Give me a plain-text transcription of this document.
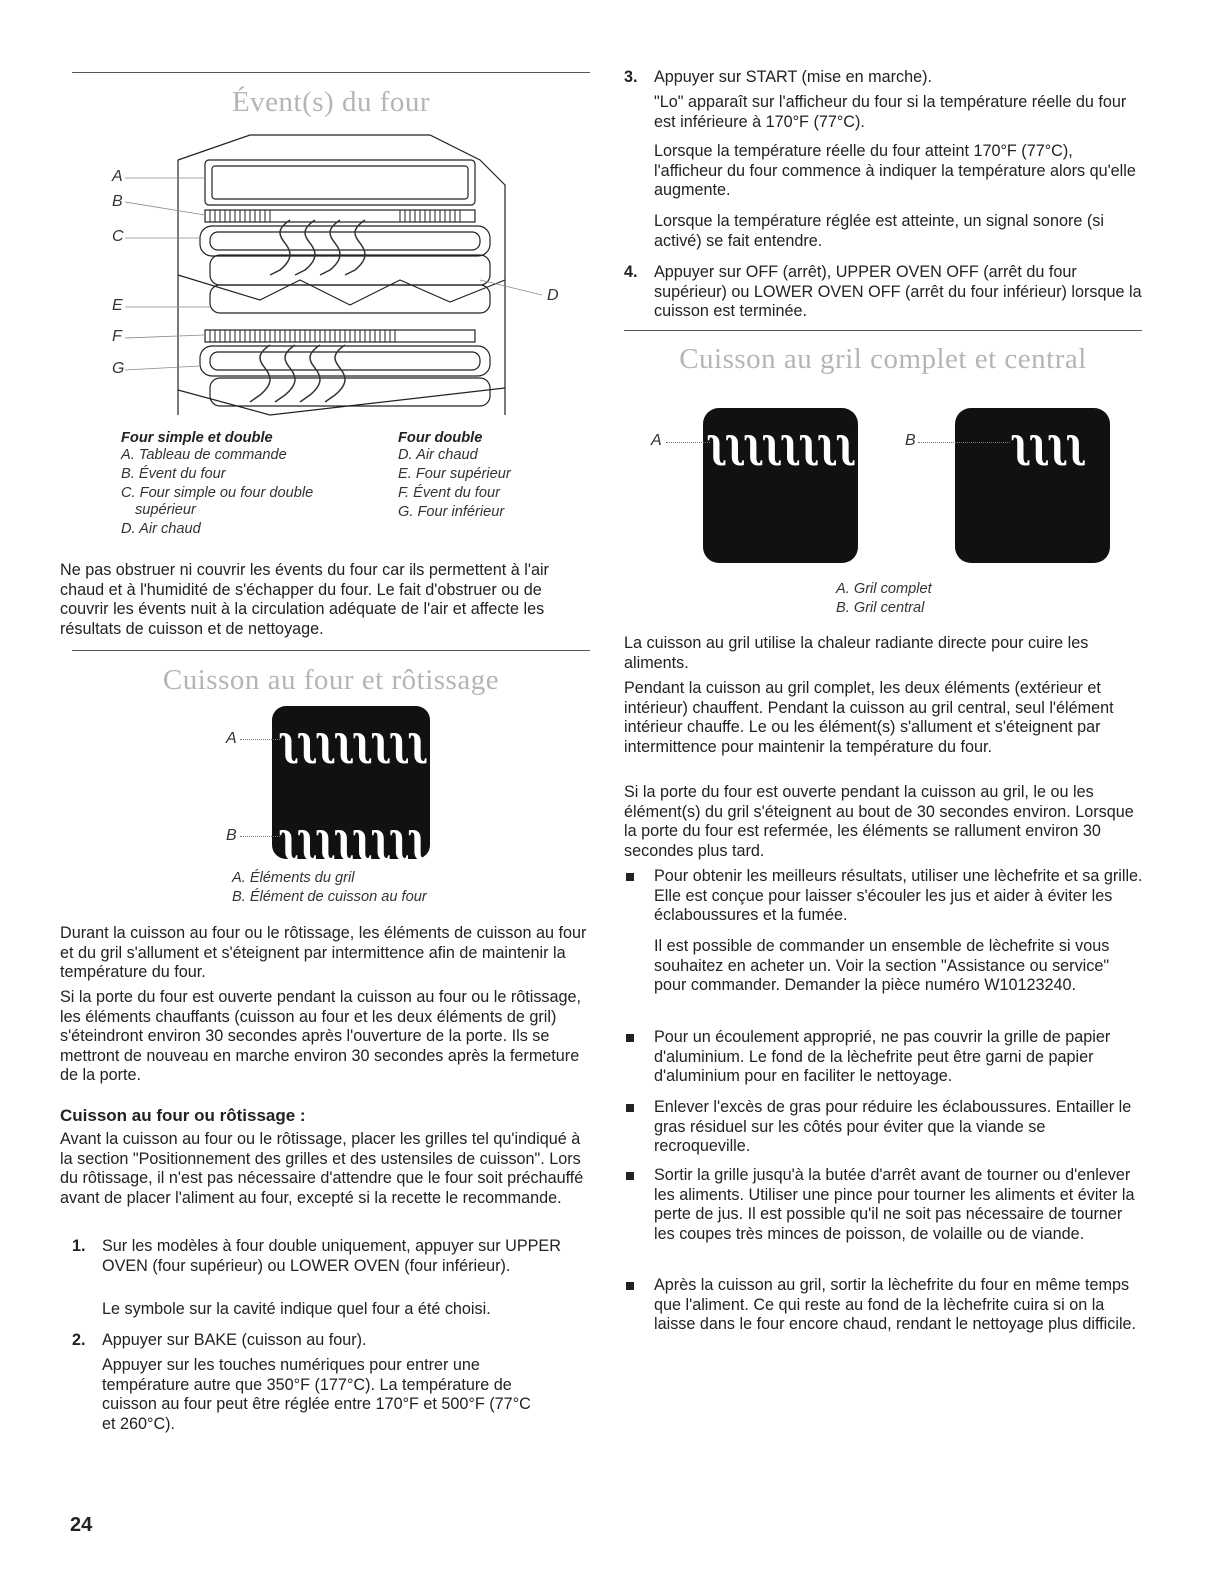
Évent(s) du four
A
B
C
E
F
G
D
Four simple et double
A. Tableau de commande
B. Évent du four
C. Four simple ou four double
supérieur
D. Air chaud
Four double
D. Air chaud
E. Four supérieur
F. Évent du four
G. Four inférieur

Ne pas obstruer ni couvrir les évents du four car ils permettent à l'air chaud et à l'humidité de s'échapper du four. Le fait d'obstruer ou de couvrir les évents nuit à la circulation adéquate de l'air et affecte les résultats de cuisson et de nettoyage.

Cuisson au four et rôtissage
ʅʅʅʅʅʅʅʅ
ʅʅʅʅʅʅʅʅ
A
B
A. Éléments du gril
B. Élément de cuisson au four

Durant la cuisson au four ou le rôtissage, les éléments de cuisson au four et du gril s'allument et s'éteignent par intermittence afin de maintenir la température du four.

Si la porte du four est ouverte pendant la cuisson au four ou le rôtissage, les éléments chauffants (cuisson au four et les deux éléments de gril) s'éteindront environ 30 secondes après l'ouverture de la porte. Ils se mettront de nouveau en marche environ 30 secondes après la fermeture de la porte.

Cuisson au four ou rôtissage :

Avant la cuisson au four ou le rôtissage, placer les grilles tel qu'indiqué à la section "Positionnement des grilles et des ustensiles de cuisson". Lors du rôtissage, il n'est pas nécessaire d'attendre que le four soit préchauffé avant de placer l'aliment au four, excepté si la recette le recommande.

1. Sur les modèles à four double uniquement, appuyer sur UPPER OVEN (four supérieur) ou LOWER OVEN (four inférieur).

Le symbole sur la cavité indique quel four a été choisi.

2. Appuyer sur BAKE (cuisson au four).

Appuyer sur les touches numériques pour entrer une température autre que 350°F (177°C). La température de cuisson au four peut être réglée entre 170°F et 500°F (77°C et 260°C).

24
3. Appuyer sur START (mise en marche).

"Lo" apparaît sur l'afficheur du four si la température réelle du four est inférieure à 170°F (77°C).

Lorsque la température réelle du four atteint 170°F (77°C), l'afficheur du four commence à indiquer la température alors qu'elle augmente.

Lorsque la température réglée est atteinte, un signal sonore (si activé) se fait entendre.

4. Appuyer sur OFF (arrêt), UPPER OVEN OFF (arrêt du four supérieur) ou LOWER OVEN OFF (arrêt du four inférieur) lorsque la cuisson est terminée.

Cuisson au gril complet et central
ʅʅʅʅʅʅʅʅ
A	ʅʅʅʅ
B
A. Gril complet
B. Gril central

La cuisson au gril utilise la chaleur radiante directe pour cuire les aliments.

Pendant la cuisson au gril complet, les deux éléments (extérieur et intérieur) chauffent. Pendant la cuisson au gril central, seul l'élément intérieur chauffe. Le ou les élément(s) s'allument et s'éteignent par intermittence pour maintenir la température du four.

Si la porte du four est ouverte pendant la cuisson au gril, le ou les élément(s) du gril s'éteignent au bout de 30 secondes environ. Lorsque la porte du four est refermée, les éléments se rallument environ 30 secondes plus tard.

Pour obtenir les meilleurs résultats, utiliser une lèchefrite et sa grille. Elle est conçue pour laisser s'écouler les jus et aider à éviter les éclaboussures et la fumée.

Il est possible de commander un ensemble de lèchefrite si vous souhaitez en acheter un. Voir la section "Assistance ou service" pour commander. Demander la pièce numéro W10123240.

Pour un écoulement approprié, ne pas couvrir la grille de papier d'aluminium. Le fond de la lèchefrite peut être garni de papier d'aluminium pour en faciliter le nettoyage.

Enlever l'excès de gras pour réduire les éclaboussures. Entailler le gras résiduel sur les côtés pour éviter que la viande se recroqueville.

Sortir la grille jusqu'à la butée d'arrêt avant de tourner ou d'enlever les aliments. Utiliser une pince pour tourner les aliments et éviter la perte de jus. Il est possible qu'il ne soit pas nécessaire de tourner les coupes très minces de poisson, de volaille ou de viande.

Après la cuisson au gril, sortir la lèchefrite du four en même temps que l'aliment. Ce qui reste au fond de la lèchefrite cuira si on la laisse dans le four encore chaud, rendant le nettoyage plus difficile.
